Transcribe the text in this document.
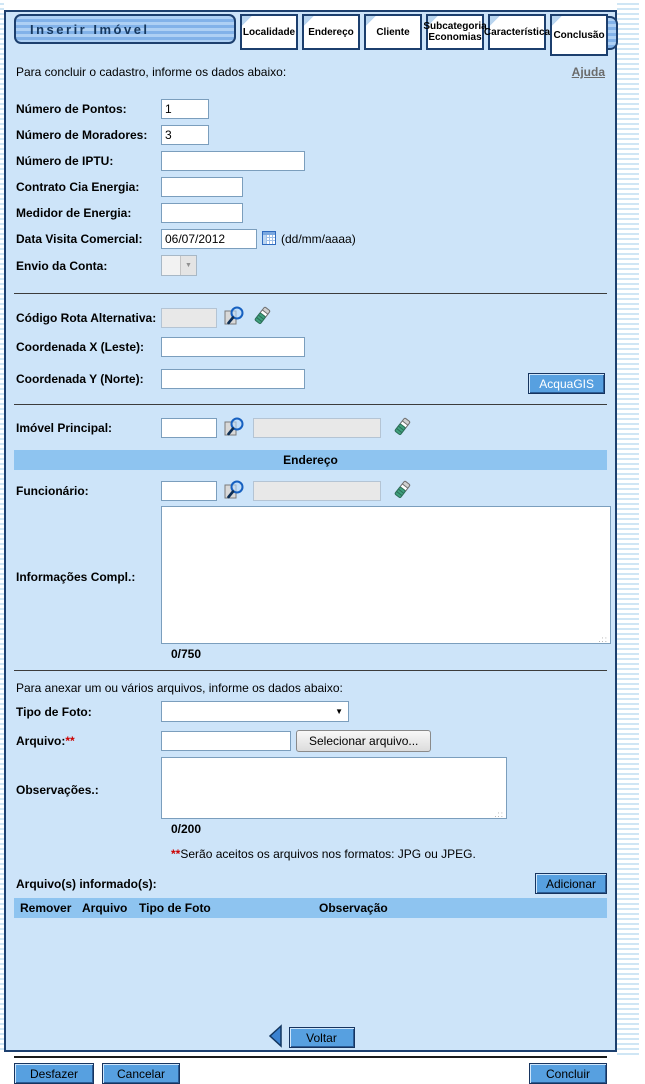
Inserir Imóvel	Localidade Endereço Cliente Subcategoria Economias Característica Conclusão
Para concluir o cadastro, informe os dados abaixo:	Ajuda
Número de Pontos:
1
Número de Moradores:
3
Número de IPTU:
Contrato Cia Energia:
Medidor de Energia:
Data Visita Comercial:
06/07/2012	(dd/mm/aaaa)
Envio da Conta:	▼
Código Rota Alternativa:
Coordenada X (Leste):
Coordenada Y (Norte):	AcquaGIS
Imóvel Principal:
Endereço
Funcionário:
Informações Compl.:
.::
0/750
Para anexar um ou vários arquivos, informe os dados abaixo:
Tipo de Foto:	▼
Arquivo:**	Selecionar arquivo...
Observações.:
.::
0/200
** Serão aceitos os arquivos nos formatos: JPG ou JPEG.
Arquivo(s) informado(s):	Adicionar
Remover Arquivo Tipo de Foto	Observação
Voltar
Desfazer	Cancelar	Concluir
